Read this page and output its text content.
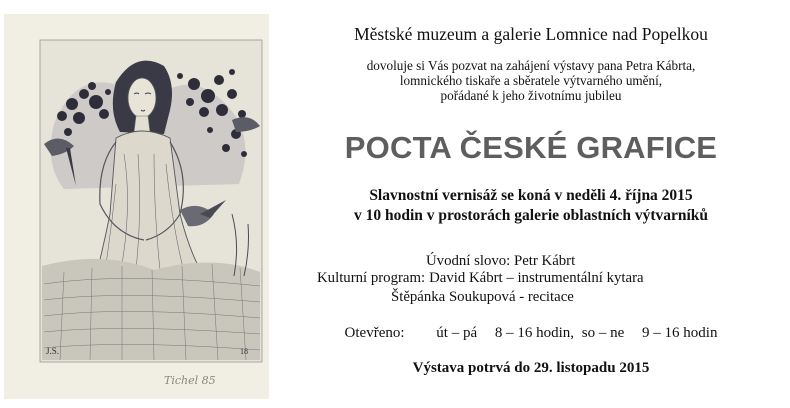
J.S.	18
Tichel 85
Městské muzeum a galerie Lomnice nad Popelkou
dovoluje si Vás pozvat na zahájení výstavy pana Petra Kábrta,
lomnického tiskaře a sběratele výtvarného umění,
pořádané k jeho životnímu jubileu
POCTA ČESKÉ GRAFICE
Slavnostní vernisáž se koná v neděli 4. října 2015
v 10 hodin v prostorách galerie oblastních výtvarníků
Úvodní slovo: Petr Kábrt
Kulturní program: David Kábrt – instrumentální kytara
Štěpánka Soukupová - recitace
Otevřeno: út – pá 8 – 16 hodin, so – ne 9 – 16 hodin
Výstava potrvá do 29. listopadu 2015
